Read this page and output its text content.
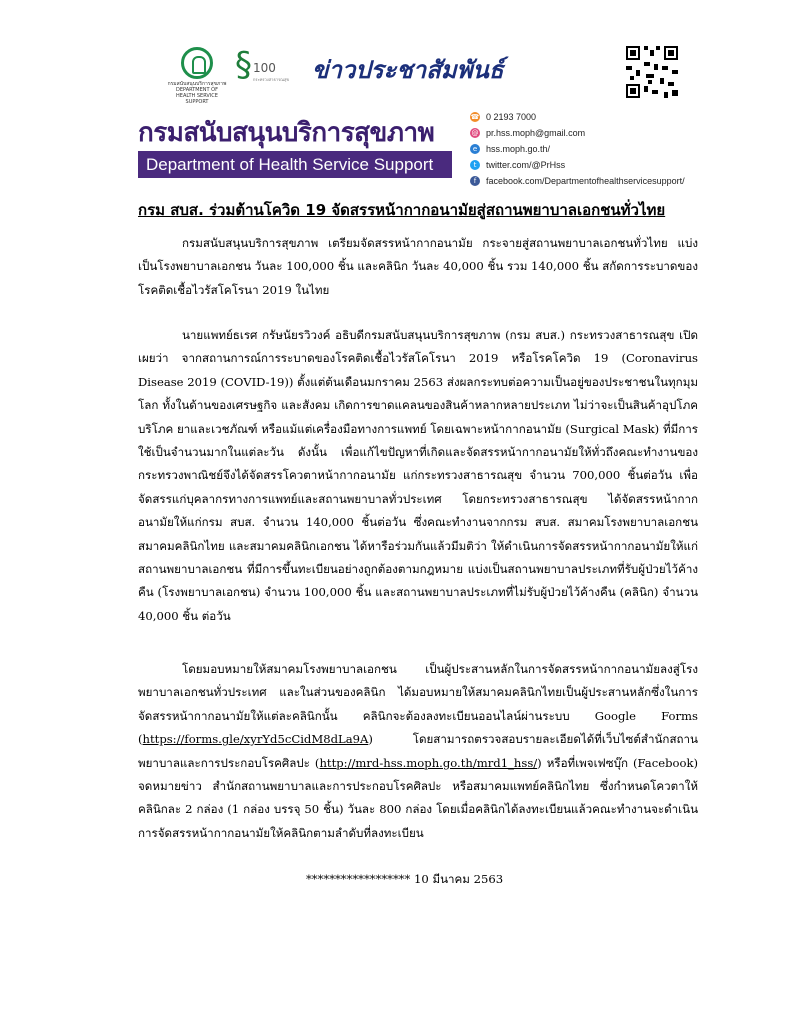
กรมสนับสนุนบริการสุขภาพ DEPARTMENT OF HEALTH SERVICE SUPPORT
§ 100
กระทรวงสาธารณสุข ข่าวประชาสัมพันธ์
กรมสนับสนุนบริการสุขภาพ
Department of Health Service Support
☎ 0 2193 7000
@ pr.hss.moph@gmail.com
e hss.moph.go.th/
t	twitter.com/@PrHss
f	facebook.com/Departmentofhealthservicesupport/
กรม สบส. ร่วมต้านโควิด 19 จัดสรรหน้ากากอนามัยสู่สถานพยาบาลเอกชนทั่วไทย

กรมสนับสนุนบริการสุขภาพ เตรียมจัดสรรหน้ากากอนามัย กระจายสู่สถานพยาบาลเอกชนทั่วไทย แบ่งเป็นโรงพยาบาลเอกชน วันละ 100,000 ชิ้น และคลินิก วันละ 40,000 ชิ้น รวม 140,000 ชิ้น สกัดการระบาดของโรคติดเชื้อไวรัสโคโรนา 2019 ในไทย

นายแพทย์ธเรศ กรัษนัยรวิวงค์ อธิบดีกรมสนับสนุนบริการสุขภาพ (กรม สบส.) กระทรวงสาธารณสุข เปิดเผยว่า จากสถานการณ์การระบาดของโรคติดเชื้อไวรัสโคโรนา 2019 หรือโรคโควิด 19 (Coronavirus Disease 2019 (COVID-19)) ตั้งแต่ต้นเดือนมกราคม 2563 ส่งผลกระทบต่อความเป็นอยู่ของประชาชนในทุกมุมโลก ทั้งในด้านของเศรษฐกิจ และสังคม เกิดการขาดแคลนของสินค้าหลากหลายประเภท ไม่ว่าจะเป็นสินค้าอุปโภค บริโภค ยาและเวชภัณฑ์ หรือแม้แต่เครื่องมือทางการแพทย์ โดยเฉพาะหน้ากากอนามัย (Surgical Mask) ที่มีการใช้เป็นจำนวนมากในแต่ละวัน ดังนั้น เพื่อแก้ไขปัญหาที่เกิดและจัดสรรหน้ากากอนามัยให้ทั่วถึงคณะทำงานของกระทรวงพาณิชย์จึงได้จัดสรรโควตาหน้ากากอนามัย แก่กระทรวงสาธารณสุข จำนวน 700,000 ชิ้นต่อวัน เพื่อจัดสรรแก่บุคลากรทางการแพทย์และสถานพยาบาลทั่วประเทศ โดยกระทรวงสาธารณสุข ได้จัดสรรหน้ากากอนามัยให้แก่กรม สบส. จำนวน 140,000 ชิ้นต่อวัน ซึ่งคณะทำงานจากกรม สบส. สมาคมโรงพยาบาลเอกชน สมาคมคลินิกไทย และสมาคมคลินิกเอกชน ได้หารือร่วมกันแล้วมีมติว่า ให้ดำเนินการจัดสรรหน้ากากอนามัยให้แก่สถานพยาบาลเอกชน ที่มีการขึ้นทะเบียนอย่างถูกต้องตามกฎหมาย แบ่งเป็นสถานพยาบาลประเภทที่รับผู้ป่วยไว้ค้างคืน (โรงพยาบาลเอกชน) จำนวน 100,000 ชิ้น และสถานพยาบาลประเภทที่ไม่รับผู้ป่วยไว้ค้างคืน (คลินิก) จำนวน 40,000 ชิ้น ต่อวัน

โดยมอบหมายให้สมาคมโรงพยาบาลเอกชน เป็นผู้ประสานหลักในการจัดสรรหน้ากากอนามัยลงสู่โรงพยาบาลเอกชนทั่วประเทศ และในส่วนของคลินิก ได้มอบหมายให้สมาคมคลินิกไทยเป็นผู้ประสานหลักซึ่งในการจัดสรรหน้ากากอนามัยให้แต่ละคลินิกนั้น คลินิกจะต้องลงทะเบียนออนไลน์ผ่านระบบ Google Forms (https://forms.gle/xyrYd5cCidM8dLa9A) โดยสามารถตรวจสอบรายละเอียดได้ที่เว็บไซต์สำนักสถานพยาบาลและการประกอบโรคศิลปะ (http://mrd-hss.moph.go.th/mrd1_hss/) หรือที่เพจเฟซบุ๊ก (Facebook) จดหมายข่าว สำนักสถานพยาบาลและการประกอบโรคศิลปะ หรือสมาคมแพทย์คลินิกไทย ซึ่งกำหนดโควตาให้คลินิกละ 2 กล่อง (1 กล่อง บรรจุ 50 ชิ้น) วันละ 800 กล่อง โดยเมื่อคลินิกได้ลงทะเบียนแล้วคณะทำงานจะดำเนินการจัดสรรหน้ากากอนามัยให้คลินิกตามลำดับที่ลงทะเบียน

****************** 10 มีนาคม 2563
